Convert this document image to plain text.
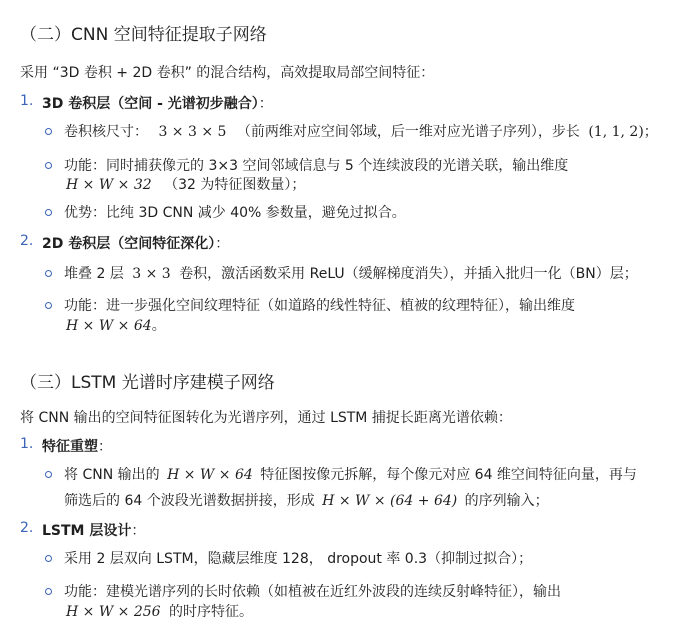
（二）CNN 空间特征提取子网络
采用 “3D 卷积 + 2D 卷积” 的混合结构，高效提取局部空间特征：
1. 3D 卷积层（空间 - 光谱初步融合）：
卷积核尺寸： 3 × 3 × 5 （前两维对应空间邻域，后一维对应光谱子序列），步长 (1, 1, 2)；
功能：同时捕获像元的 3×3 空间邻域信息与 5 个连续波段的光谱关联，输出维度
H × W × 32 （32 为特征图数量）；
优势：比纯 3D CNN 减少 40% 参数量，避免过拟合。
2. 2D 卷积层（空间特征深化）：
堆叠 2 层 3 × 3 卷积，激活函数采用 ReLU（缓解梯度消失），并插入批归一化（BN）层；
功能：进一步强化空间纹理特征（如道路的线性特征、植被的纹理特征），输出维度
H × W × 64。
（三）LSTM 光谱时序建模子网络
将 CNN 输出的空间特征图转化为光谱序列，通过 LSTM 捕捉长距离光谱依赖：
1. 特征重塑：
将 CNN 输出的 H × W × 64 特征图按像元拆解，每个像元对应 64 维空间特征向量，再与
筛选后的 64 个波段光谱数据拼接，形成 H × W × (64 + 64) 的序列输入；
2. LSTM 层设计：
采用 2 层双向 LSTM，隐藏层维度 128， dropout 率 0.3（抑制过拟合）；
功能：建模光谱序列的长时依赖（如植被在近红外波段的连续反射峰特征），输出
H × W × 256 的时序特征。
